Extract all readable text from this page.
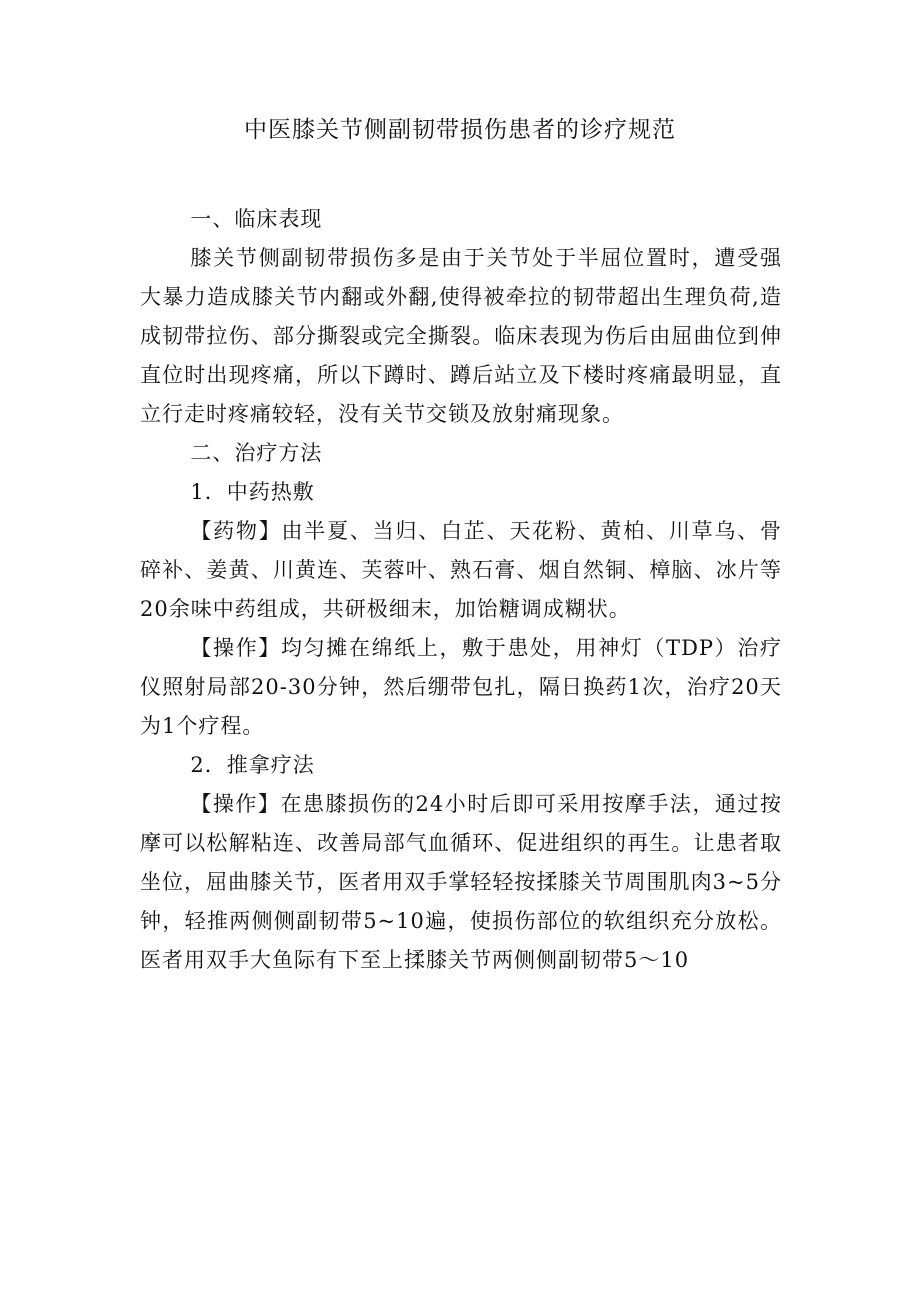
中医膝关节侧副韧带损伤患者的诊疗规范

一、临床表现

膝关节侧副韧带损伤多是由于关节处于半屈位置时，遭受强大暴力造成膝关节内翻或外翻,使得被牵拉的韧带超出生理负荷,造成韧带拉伤、部分撕裂或完全撕裂。临床表现为伤后由屈曲位到伸直位时出现疼痛，所以下蹲时、蹲后站立及下楼时疼痛最明显，直立行走时疼痛较轻，没有关节交锁及放射痛现象。

二、治疗方法

1．中药热敷

【药物】由半夏、当归、白芷、天花粉、黄柏、川草乌、骨碎补、姜黄、川黄连、芙蓉叶、熟石膏、烟自然铜、樟脑、冰片等20余味中药组成，共研极细末，加饴糖调成糊状。

【操作】均匀摊在绵纸上，敷于患处，用神灯（TDP）治疗仪照射局部20-30分钟，然后绷带包扎，隔日换药1次，治疗20天为1个疗程。

2．推拿疗法

【操作】在患膝损伤的24小时后即可采用按摩手法，通过按摩可以松解粘连、改善局部气血循环、促进组织的再生。让患者取坐位，屈曲膝关节，医者用双手掌轻轻按揉膝关节周围肌肉3~5分钟，轻推两侧侧副韧带5~10遍，使损伤部位的软组织充分放松。医者用双手大鱼际有下至上揉膝关节两侧侧副韧带5～10
